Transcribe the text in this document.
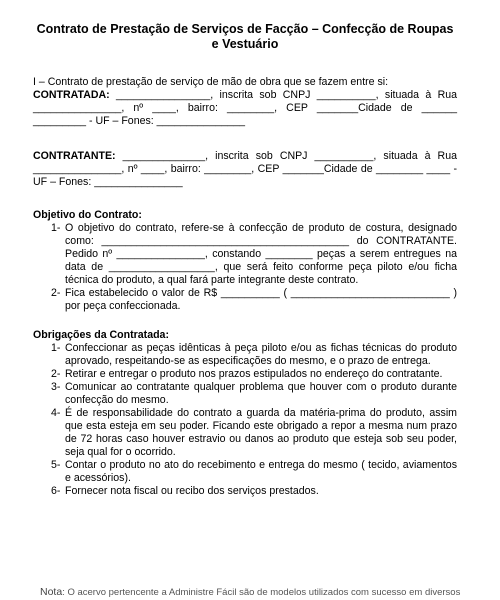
Contrato de Prestação de Serviços de Facção – Confecção de Roupas e Vestuário

I – Contrato de prestação de serviço de mão de obra que se fazem entre si:

CONTRATADA: ________________, inscrita sob CNPJ __________, situada à Rua _______________, nº ____, bairro: ________, CEP _______Cidade de ______ _________ - UF – Fones: _______________

CONTRATANTE: ______________, inscrita sob CNPJ __________, situada à Rua _______________, nº ____, bairro: ________, CEP _______Cidade de ________ ____ - UF – Fones: _______________

Objetivo do Contrato:

1- O objetivo do contrato, refere-se à confecção de produto de costura, designado como: __________________________________________ do CONTRATANTE. Pedido nº _______________, constando ________ peças a serem entregues na data de __________________, que será feito conforme peça piloto e/ou ficha técnica do produto, a qual fará parte integrante deste contrato.
2- Fica estabelecido o valor de R$ __________ ( ___________________________ ) por peça confeccionada.

Obrigações da Contratada:

1- Confeccionar as peças idênticas à peça piloto e/ou as fichas técnicas do produto aprovado, respeitando-se as especificações do mesmo, e o prazo de entrega.
2- Retirar e entregar o produto nos prazos estipulados no endereço do contratante.
3- Comunicar ao contratante qualquer problema que houver com o produto durante confecção do mesmo.
4- É de responsabilidade do contrato a guarda da matéria-prima do produto, assim que esta esteja em seu poder. Ficando este obrigado a repor a mesma num prazo de 72 horas caso houver estravio ou danos ao produto que esteja sob seu poder, seja qual for o ocorrido.
5- Contar o produto no ato do recebimento e entrega do mesmo ( tecido, aviamentos e acessórios).
6- Fornecer nota fiscal ou recibo dos serviços prestados.
Nota: O acervo pertencente a Administre Fácil são de modelos utilizados com sucesso em diversos
